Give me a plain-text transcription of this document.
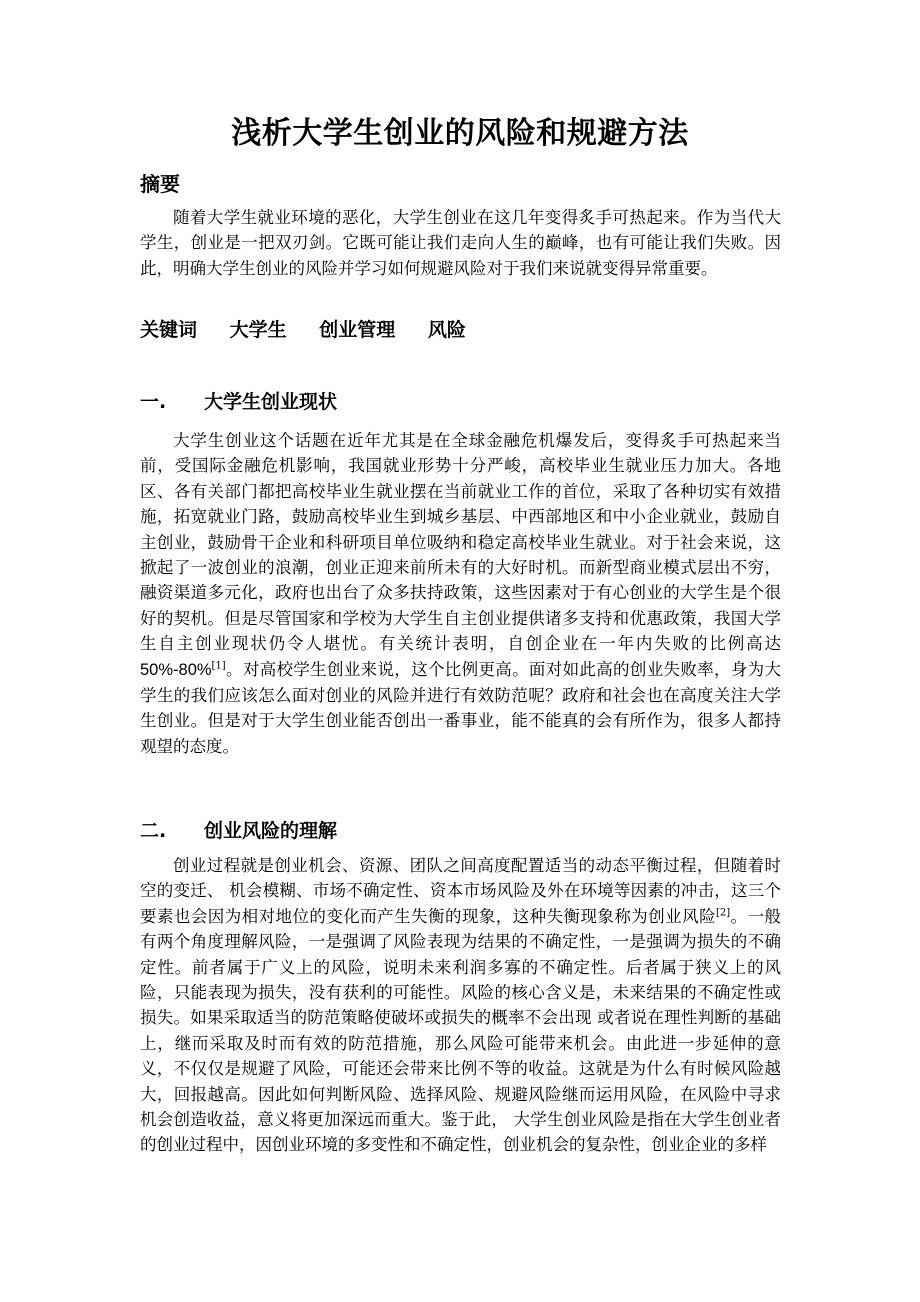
浅析大学生创业的风险和规避方法
摘要

随着大学生就业环境的恶化，大学生创业在这几年变得炙手可热起来。作为当代大学生，创业是一把双刃剑。它既可能让我们走向人生的巅峰，也有可能让我们失败。因此，明确大学生创业的风险并学习如何规避风险对于我们来说就变得异常重要。

关键词 大学生 创业管理 风险
一. 大学生创业现状

大学生创业这个话题在近年尤其是在全球金融危机爆发后，变得炙手可热起来当前，受国际金融危机影响，我国就业形势十分严峻，高校毕业生就业压力加大。各地区、各有关部门都把高校毕业生就业摆在当前就业工作的首位，采取了各种切实有效措施，拓宽就业门路，鼓励高校毕业生到城乡基层、中西部地区和中小企业就业，鼓励自主创业，鼓励骨干企业和科研项目单位吸纳和稳定高校毕业生就业。对于社会来说，这掀起了一波创业的浪潮，创业正迎来前所未有的大好时机。而新型商业模式层出不穷，融资渠道多元化，政府也出台了众多扶持政策，这些因素对于有心创业的大学生是个很好的契机。但是尽管国家和学校为大学生自主创业提供诸多支持和优惠政策，我国大学生自主创业现状仍令人堪忧。有关统计表明，自创企业在一年内失败的比例高达50%-80%[1]。对高校学生创业来说，这个比例更高。面对如此高的创业失败率，身为大学生的我们应该怎么面对创业的风险并进行有效防范呢？政府和社会也在高度关注大学生创业。但是对于大学生创业能否创出一番事业，能不能真的会有所作为，很多人都持观望的态度。

二. 创业风险的理解

创业过程就是创业机会、资源、团队之间高度配置适当的动态平衡过程，但随着时空的变迁、 机会模糊、市场不确定性、资本市场风险及外在环境等因素的冲击，这三个要素也会因为相对地位的变化而产生失衡的现象，这种失衡现象称为创业风险[2]。一般有两个角度理解风险，一是强调了风险表现为结果的不确定性，一是强调为损失的不确定性。前者属于广义上的风险，说明未来利润多寡的不确定性。后者属于狭义上的风险，只能表现为损失，没有获利的可能性。风险的核心含义是，未来结果的不确定性或损失。如果采取适当的防范策略使破坏或损失的概率不会出现 或者说在理性判断的基础上，继而采取及时而有效的防范措施，那么风险可能带来机会。由此进一步延伸的意义，不仅仅是规避了风险，可能还会带来比例不等的收益。这就是为什么有时候风险越大，回报越高。因此如何判断风险、选择风险、规避风险继而运用风险，在风险中寻求机会创造收益，意义将更加深远而重大。鉴于此， 大学生创业风险是指在大学生创业者的创业过程中，因创业环境的多变性和不确定性，创业机会的复杂性，创业企业的多样
